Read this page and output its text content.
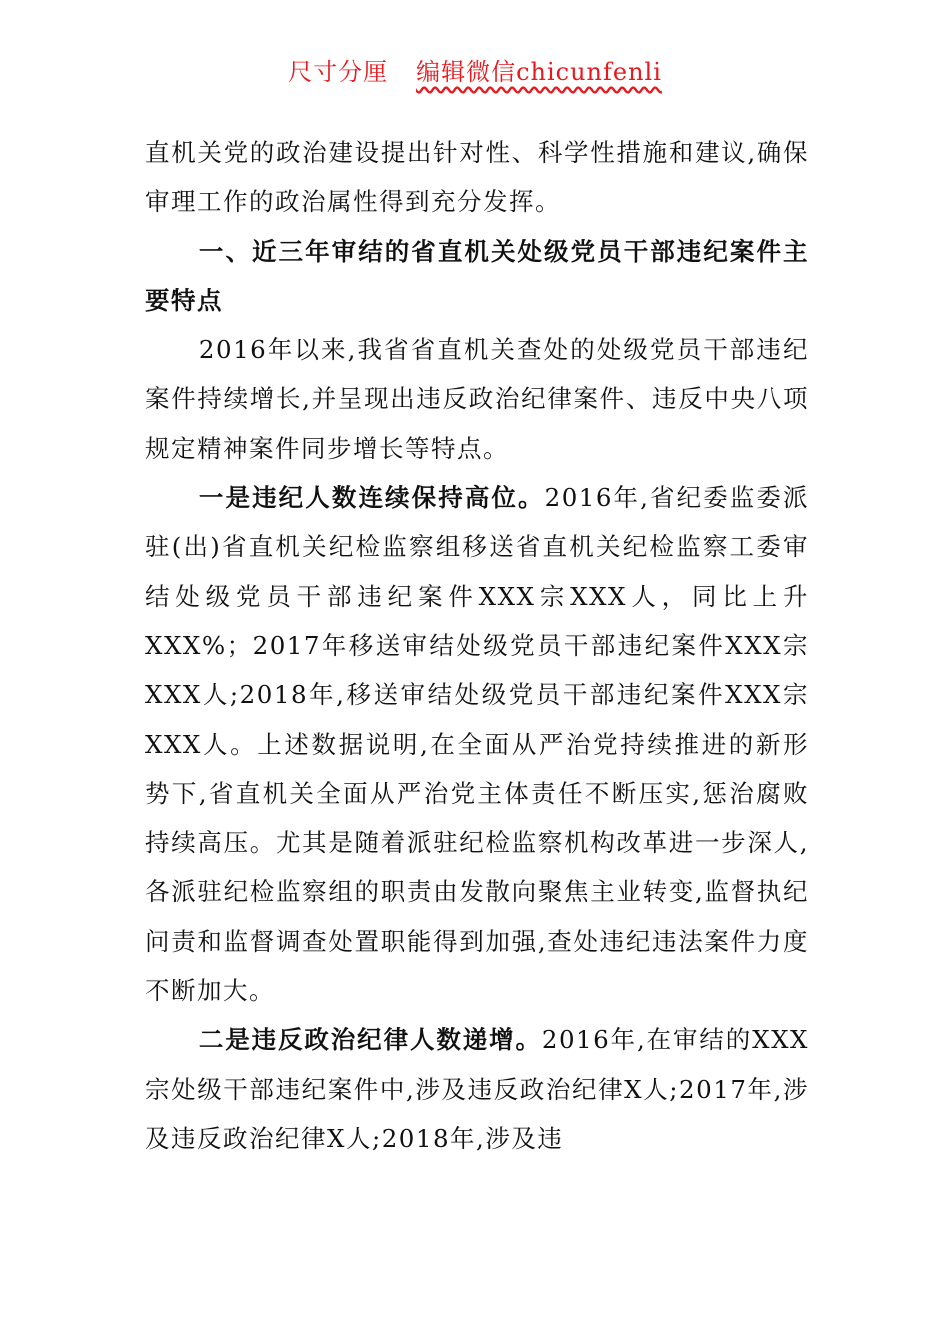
尺寸分厘 编辑微信chicunfenli

直机关党的政治建设提出针对性、科学性措施和建议,确保审理工作的政治属性得到充分发挥。

一、近三年审结的省直机关处级党员干部违纪案件主要特点

2016年以来,我省省直机关查处的处级党员干部违纪案件持续增长,并呈现出违反政治纪律案件、违反中央八项规定精神案件同步增长等特点。

一是违纪人数连续保持高位。2016年,省纪委监委派驻(出)省直机关纪检监察组移送省直机关纪检监察工委审结处级党员干部违纪案件XXX宗XXX人，同比上升XXX%；2017年移送审结处级党员干部违纪案件XXX宗XXX人;2018年,移送审结处级党员干部违纪案件XXX宗XXX人。上述数据说明,在全面从严治党持续推进的新形势下,省直机关全面从严治党主体责任不断压实,惩治腐败持续高压。尤其是随着派驻纪检监察机构改革进一步深人,各派驻纪检监察组的职责由发散向聚焦主业转变,监督执纪问责和监督调查处置职能得到加强,查处违纪违法案件力度不断加大。

二是违反政治纪律人数递增。2016年,在审结的XXX宗处级干部违纪案件中,涉及违反政治纪律X人;2017年,涉及违反政治纪律X人;2018年,涉及违
